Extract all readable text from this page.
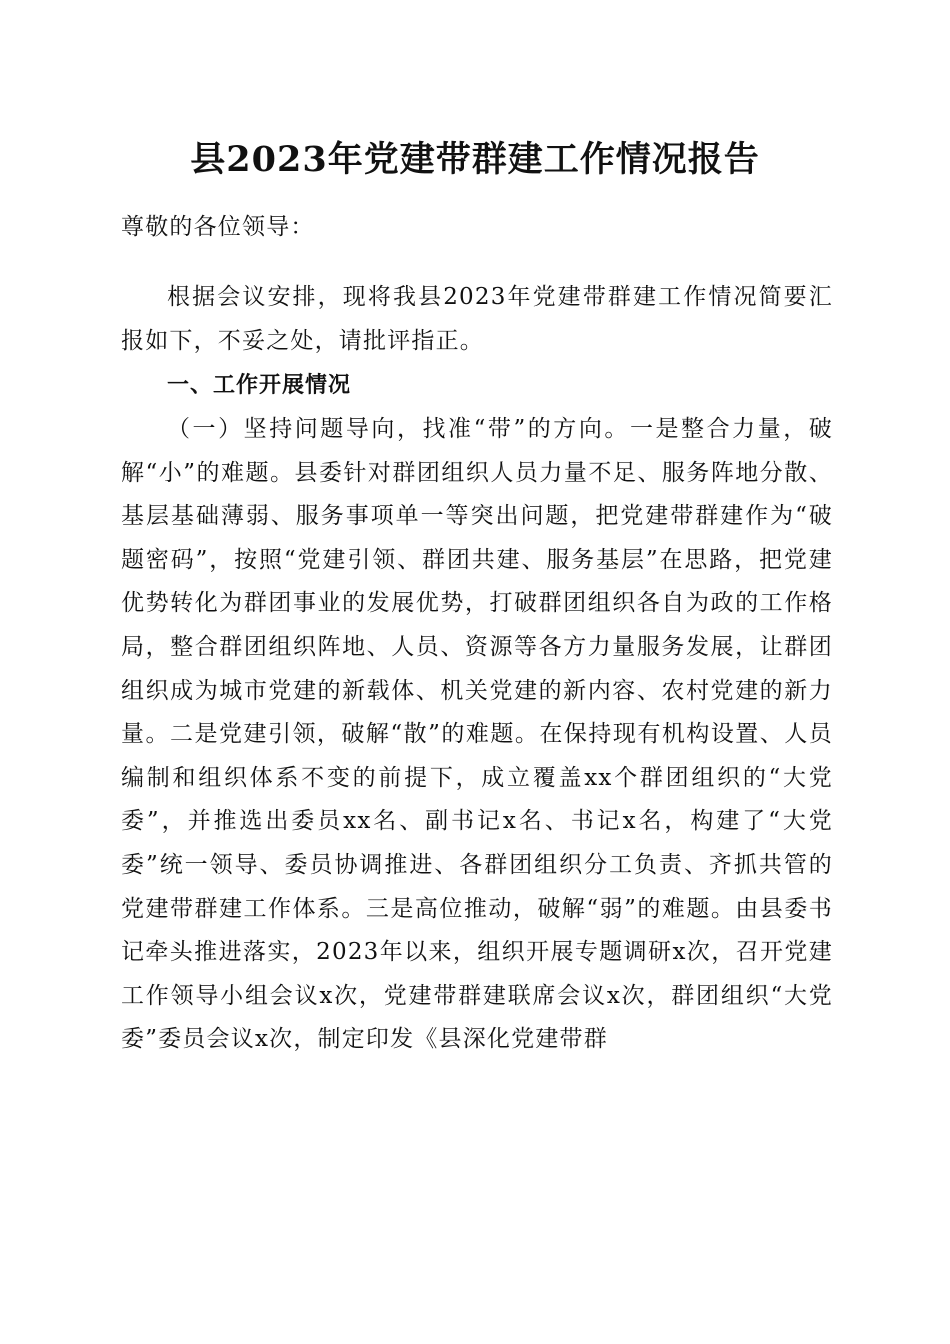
县2023年党建带群建工作情况报告

尊敬的各位领导：

根据会议安排，现将我县2023年党建带群建工作情况简要汇报如下，不妥之处，请批评指正。

一、工作开展情况

（一）坚持问题导向，找准“带”的方向。一是整合力量，破解“小”的难题。县委针对群团组织人员力量不足、服务阵地分散、基层基础薄弱、服务事项单一等突出问题，把党建带群建作为“破题密码”，按照“党建引领、群团共建、服务基层”在思路，把党建优势转化为群团事业的发展优势，打破群团组织各自为政的工作格局，整合群团组织阵地、人员、资源等各方力量服务发展，让群团组织成为城市党建的新载体、机关党建的新内容、农村党建的新力量。二是党建引领，破解“散”的难题。在保持现有机构设置、人员编制和组织体系不变的前提下，成立覆盖xx个群团组织的“大党委”，并推选出委员xx名、副书记x名、书记x名，构建了“大党委”统一领导、委员协调推进、各群团组织分工负责、齐抓共管的党建带群建工作体系。三是高位推动，破解“弱”的难题。由县委书记牵头推进落实，2023年以来，组织开展专题调研x次，召开党建工作领导小组会议x次，党建带群建联席会议x次，群团组织“大党委”委员会议x次，制定印发《县深化党建带群
